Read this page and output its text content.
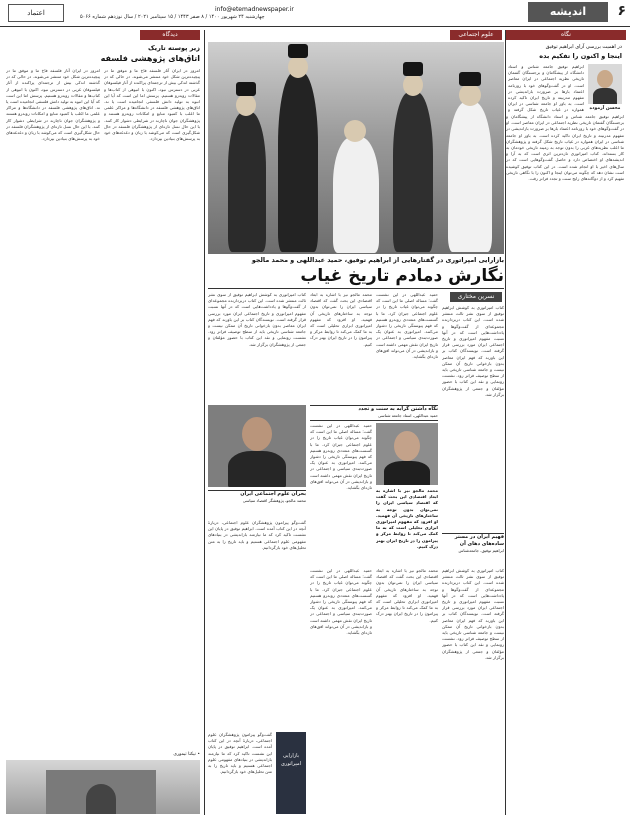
۶
اندیشه
info@etemadnewspaper.ir
چهارشنبه ۲۴ شهریور ۱۴۰۰ / ۸ صفر ۱۴۴۳ / ۱۵ سپتامبر ۲۰۲۱ / سال نوزدهم شماره ۵۰۶۶
اعتماد
نگاه
در اهمیت بررسی آرای ابراهیم توفیق
اینجا و اکنون را تفکیم بده
محسن آزموده
ابراهیم توفیق جامعه شناس و استاد دانشگاه از پیشگامان و برجستگان گفتمان تاریخی نظریه اجتماعی در ایران معاصر است. او در گفت‌وگوهای خود با روزنامه اعتماد بارها بر ضرورت بازاندیشی در مفهوم مدرنیته و تاریخ ایران تاکید کرده است. به باور او جامعه شناسی در ایران همواره در غیاب تاریخ شکل گرفته و
ابراهیم توفیق جامعه شناس و استاد دانشگاه از پیشگامان و برجستگان گفتمان تاریخی نظریه اجتماعی در ایران معاصر است. او در گفت‌وگوهای خود با روزنامه اعتماد بارها بر ضرورت بازاندیشی در مفهوم مدرنیته و تاریخ ایران تاکید کرده است. به باور او جامعه شناسی در ایران همواره در غیاب تاریخ شکل گرفته و پژوهشگران ما اغلب نظریه‌های غربی را بدون توجه به زمینه تاریخی خودمان به کار بسته‌اند. کتاب امیراتوری تازه‌ترین اثری است که به آرا و اندیشه‌های او اختصاص دارد و حاصل گفت‌وگوهایی است که در سال‌های اخیر با او انجام شده است. در این کتاب توفیق کوشیده است نشان دهد که چگونه می‌توان اینجا و اکنون را با نگاهی تاریخی تفهیم کرد و از دوگانه‌های رایج سنت و تجدد فراتر رفت.
علوم اجتماعی
بازارایی امپراتوری در گفتارهایی از ابراهیم توفیق، حمید عبداللهی و محمد مالجو
نگارش دمادم تاریخ غیاب
نسرین مختاری
کتاب امپراتوری به کوشش ابراهیم توفیق از سوی نشر ثالث منتشر شده است. این کتاب دربردارنده مجموعه‌ای از گفت‌وگوها و یادداشت‌هایی است که در آنها نسبت مفهوم امپراتوری و تاریخ اجتماعی ایران مورد بررسی قرار گرفته است. نویسندگان کتاب بر این باورند که فهم ایران معاصر بدون بازخوانی تاریخ آن ممکن نیست و جامعه شناسی تاریخی باید از سطح توصیف فراتر رود. نشست رونمایی و نقد این کتاب با حضور مؤلفان و جمعی از پژوهشگران برگزار شد.
حمید عبداللهی در این نشست گفت: مساله اصلی ما این است که چگونه می‌توان غیاب تاریخ را در علوم اجتماعی جبران کرد. ما با گسست‌های متعددی روبه‌رو هستیم که فهم پیوستگی تاریخی را دشوار می‌کنند. امپراتوری به عنوان یک صورت‌بندی سیاسی و اجتماعی در تاریخ ایران نقش مهمی داشته است و بازاندیشی در آن می‌تواند افق‌های تازه‌ای بگشاید.
محمد مالجو نیز با اشاره به ابعاد اقتصادی این بحث گفت که اقتصاد سیاسی ایران را نمی‌توان بدون توجه به ساختارهای تاریخی آن فهمید. او افزود که مفهوم امپراتوری ابزاری تحلیلی است که به ما کمک می‌کند تا روابط مرکز و پیرامون را در تاریخ ایران بهتر درک کنیم.
کتاب امپراتوری به کوشش ابراهیم توفیق از سوی نشر ثالث منتشر شده است. این کتاب دربردارنده مجموعه‌ای از گفت‌وگوها و یادداشت‌هایی است که در آنها نسبت مفهوم امپراتوری و تاریخ اجتماعی ایران مورد بررسی قرار گرفته است. نویسندگان کتاب بر این باورند که فهم ایران معاصر بدون بازخوانی تاریخ آن ممکن نیست و جامعه شناسی تاریخی باید از سطح توصیف فراتر رود. نشست رونمایی و نقد این کتاب با حضور مؤلفان و جمعی از پژوهشگران برگزار شد.
نگاه داشتن گرایه به سنت و تجدد
حمید عبداللهی، استاد جامعه شناسی
حمید عبداللهی در این نشست گفت: مساله اصلی ما این است که چگونه می‌توان غیاب تاریخ را در علوم اجتماعی جبران کرد. ما با گسست‌های متعددی روبه‌رو هستیم که فهم پیوستگی تاریخی را دشوار می‌کنند. امپراتوری به عنوان یک صورت‌بندی سیاسی و اجتماعی در تاریخ ایران نقش مهمی داشته است و بازاندیشی در آن می‌تواند افق‌های تازه‌ای بگشاید.
فهیم ایران در مستر ساده‌های دهای آن
ابراهیم توفیق، جامعه‌شناس
محمد مالجو نیز با اشاره به ابعاد اقتصادی این بحث گفت که اقتصاد سیاسی ایران را نمی‌توان بدون توجه به ساختارهای تاریخی آن فهمید. او افزود که مفهوم امپراتوری ابزاری تحلیلی است که به ما کمک می‌کند تا روابط مرکز و پیرامون را در تاریخ ایران بهتر درک کنیم.
کتاب امپراتوری به کوشش ابراهیم توفیق از سوی نشر ثالث منتشر شده است. این کتاب دربردارنده مجموعه‌ای از گفت‌وگوها و یادداشت‌هایی است که در آنها نسبت مفهوم امپراتوری و تاریخ اجتماعی ایران مورد بررسی قرار گرفته است. نویسندگان کتاب بر این باورند که فهم ایران معاصر بدون بازخوانی تاریخ آن ممکن نیست و جامعه شناسی تاریخی باید از سطح توصیف فراتر رود. نشست رونمایی و نقد این کتاب با حضور مؤلفان و جمعی از پژوهشگران برگزار شد.
محمد مالجو نیز با اشاره به ابعاد اقتصادی این بحث گفت که اقتصاد سیاسی ایران را نمی‌توان بدون توجه به ساختارهای تاریخی آن فهمید. او افزود که مفهوم امپراتوری ابزاری تحلیلی است که به ما کمک می‌کند تا روابط مرکز و پیرامون را در تاریخ ایران بهتر درک کنیم.
حمید عبداللهی در این نشست گفت: مساله اصلی ما این است که چگونه می‌توان غیاب تاریخ را در علوم اجتماعی جبران کرد. ما با گسست‌های متعددی روبه‌رو هستیم که فهم پیوستگی تاریخی را دشوار می‌کنند. امپراتوری به عنوان یک صورت‌بندی سیاسی و اجتماعی در تاریخ ایران نقش مهمی داشته است و بازاندیشی در آن می‌تواند افق‌های تازه‌ای بگشاید.
بحران علوم اجتماعی ایران
محمد مالجو، پژوهشگر اقتصاد سیاسی
گفت‌وگو پیرامون پژوهشگران علوم اجتماعی، دربارهٔ آنچه در این کتاب آمده است. ابراهیم توفیق در پایان این نشست تاکید کرد که ما نیازمند بازاندیشی در بنیادهای مفهومی علوم اجتماعی هستیم و باید تاریخ را به متن تحلیل‌های خود بازگردانیم.
بازارایی امپراتوری
گفت‌وگو پیرامون پژوهشگران علوم اجتماعی، دربارهٔ آنچه در این کتاب آمده است. ابراهیم توفیق در پایان این نشست تاکید کرد که ما نیازمند بازاندیشی در بنیادهای مفهومی علوم اجتماعی هستیم و باید تاریخ را به متن تحلیل‌های خود بازگردانیم.
دیدگاه
زیر پوسته تاریک
اتاق‌های پژوهشی فلسفه
امروز در ایران آثار فلسفه فاخ ما و موفق ما در پیچیده‌ترین شکل خود منتشر می‌شوند. در حالی که در گذشته اندکی بیش از ترجمه‌ای پراکنده از آثار فیلسوفان غربی در دسترس نبود، اکنون با انبوهی از کتاب‌ها و مقالات روبه‌رو هستیم. پرسش اما این است که آیا این انبوه به تولید دانش فلسفی انجامیده است یا نه. اتاق‌های پژوهشی فلسفه در دانشگاه‌ها و مراکز علمی ما اغلب با کمبود منابع و امکانات روبه‌رو هستند و پژوهشگران جوان ناچارند در شرایطی دشوار کار کنند. با این حال نسل تازه‌ای از پژوهشگران فلسفه در حال شکل‌گیری است که می‌کوشد با زبان و دغدغه‌های خود به پرسش‌های بنیادین بپردازد.
امروز در ایران آثار فلسفه فاخ ما و موفق ما در پیچیده‌ترین شکل خود منتشر می‌شوند. در حالی که در گذشته اندکی بیش از ترجمه‌ای پراکنده از آثار فیلسوفان غربی در دسترس نبود، اکنون با انبوهی از کتاب‌ها و مقالات روبه‌رو هستیم. پرسش اما این است که آیا این انبوه به تولید دانش فلسفی انجامیده است یا نه. اتاق‌های پژوهشی فلسفه در دانشگاه‌ها و مراکز علمی ما اغلب با کمبود منابع و امکانات روبه‌رو هستند و پژوهشگران جوان ناچارند در شرایطی دشوار کار کنند. با این حال نسل تازه‌ای از پژوهشگران فلسفه در حال شکل‌گیری است که می‌کوشد با زبان و دغدغه‌های خود به پرسش‌های بنیادین بپردازد.
• نیکتا تیموری
